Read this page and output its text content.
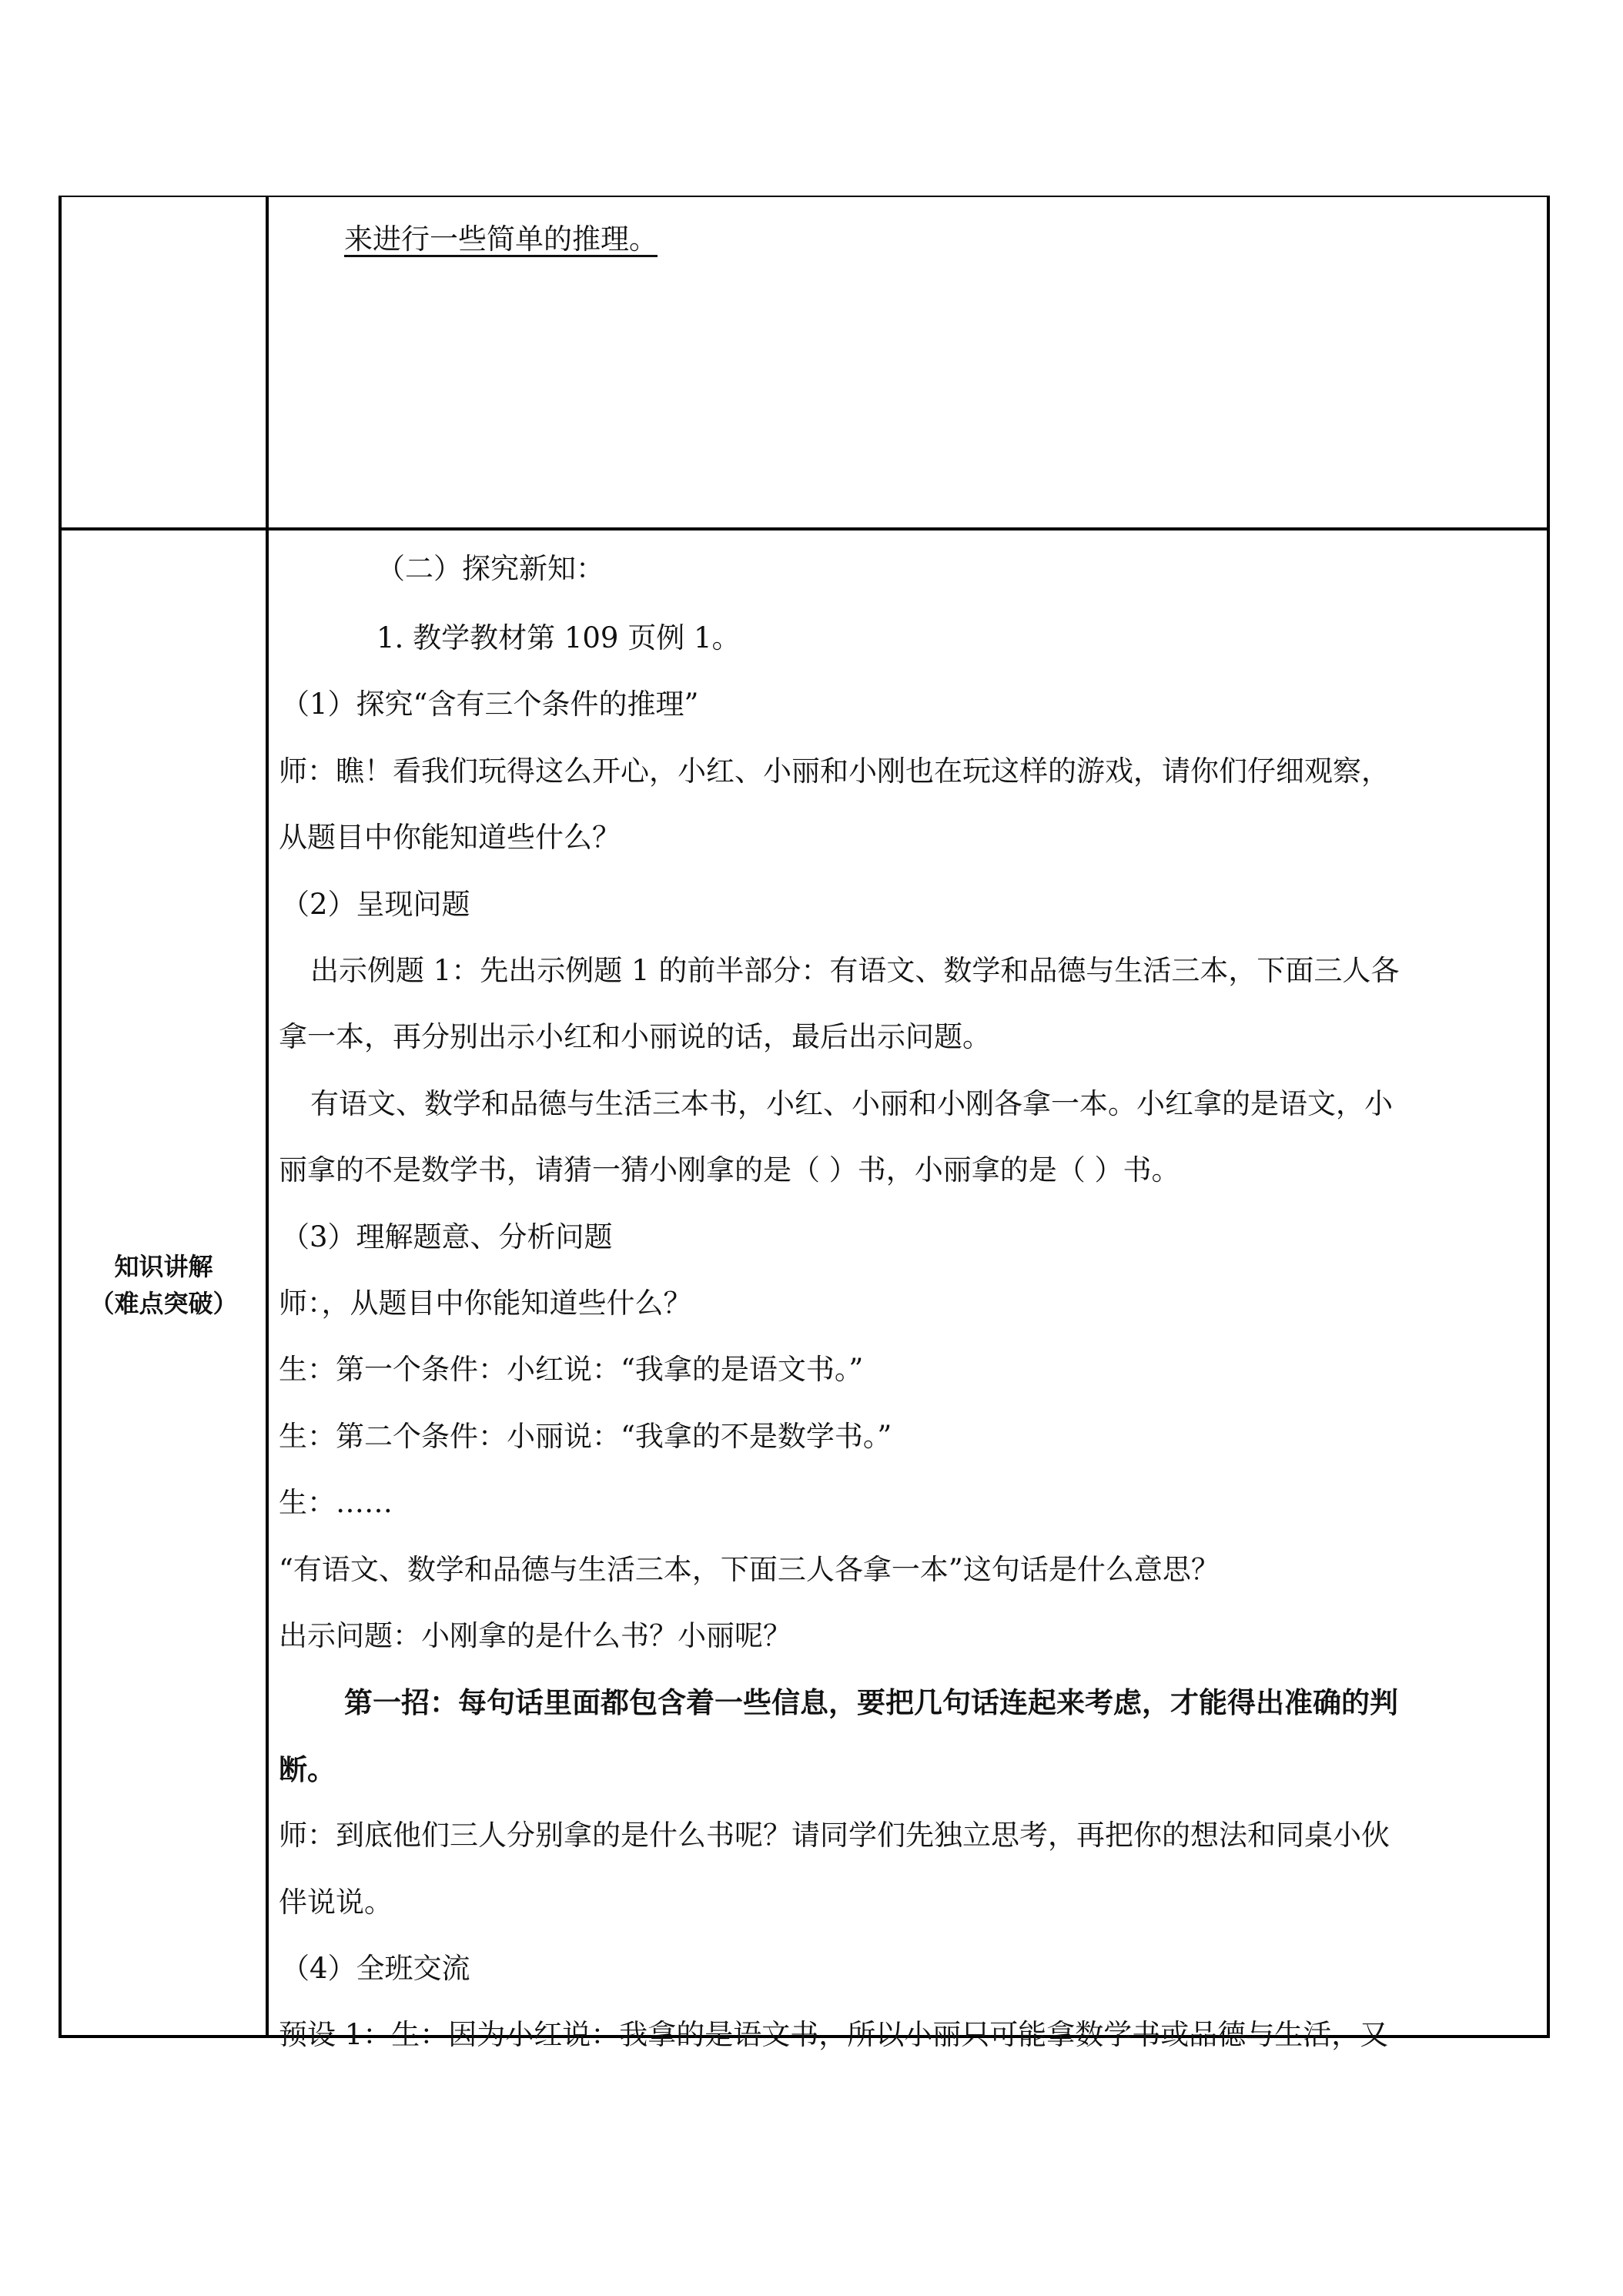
知识讲解
（难点突破）
来进行一些简单的推理。
（二）探究新知：
1. 教学教材第 109 页例 1。
（1）探究“含有三个条件的推理”
师：瞧！看我们玩得这么开心，小红、小丽和小刚也在玩这样的游戏，请你们仔细观察，
从题目中你能知道些什么？
（2）呈现问题
出示例题 1：先出示例题 1 的前半部分：有语文、数学和品德与生活三本，下面三人各
拿一本，再分别出示小红和小丽说的话，最后出示问题。
有语文、数学和品德与生活三本书，小红、小丽和小刚各拿一本。小红拿的是语文，小
丽拿的不是数学书，请猜一猜小刚拿的是（ ）书，小丽拿的是（ ）书。
（3）理解题意、分析问题
师：，从题目中你能知道些什么？
生：第一个条件：小红说：“我拿的是语文书。”
生：第二个条件：小丽说：“我拿的不是数学书。”
生：……
“有语文、数学和品德与生活三本，下面三人各拿一本”这句话是什么意思？
出示问题：小刚拿的是什么书？小丽呢？
第一招：每句话里面都包含着一些信息，要把几句话连起来考虑，才能得出准确的判
断。
师：到底他们三人分别拿的是什么书呢？请同学们先独立思考，再把你的想法和同桌小伙
伴说说。
（4）全班交流
预设 1：生：因为小红说：我拿的是语文书，所以小丽只可能拿数学书或品德与生活，又
